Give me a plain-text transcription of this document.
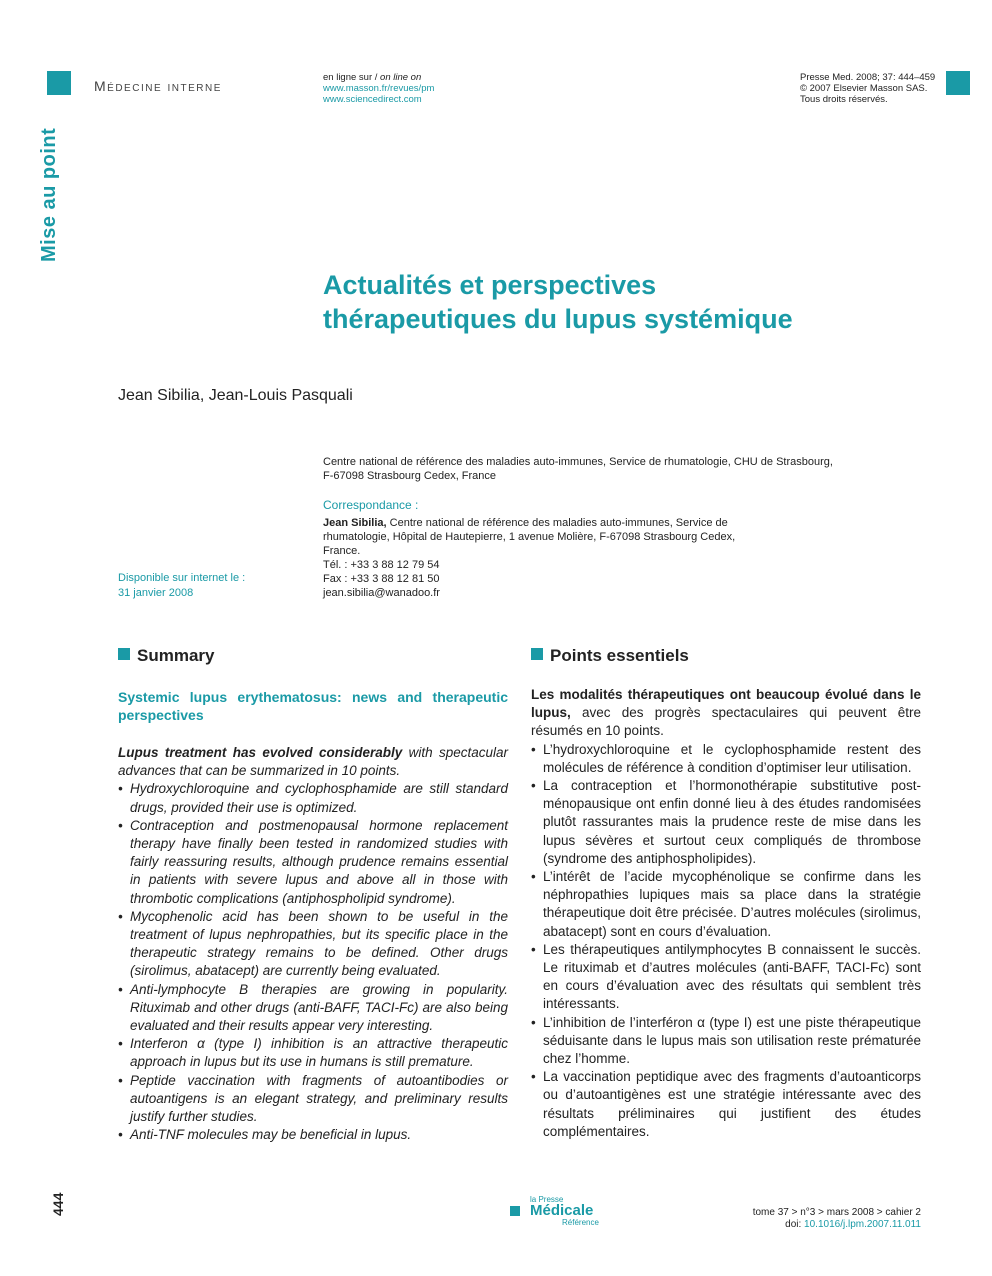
Médecine interne
en ligne sur / on line on
www.masson.fr/revues/pm
www.sciencedirect.com
Presse Med. 2008; 37: 444–459
© 2007 Elsevier Masson SAS.
Tous droits réservés.
Mise au point
Actualités et perspectives
thérapeutiques du lupus systémique
Jean Sibilia, Jean-Louis Pasquali
Centre national de référence des maladies auto-immunes, Service de rhumatologie, CHU de Strasbourg,
F-67098 Strasbourg Cedex, France
Correspondance :
Jean Sibilia, Centre national de référence des maladies auto-immunes, Service de
rhumatologie, Hôpital de Hautepierre, 1 avenue Molière, F-67098 Strasbourg Cedex,
France.
Tél. : +33 3 88 12 79 54
Fax : +33 3 88 12 81 50
jean.sibilia@wanadoo.fr
Disponible sur internet le :
31 janvier 2008
Summary
Systemic lupus erythematosus: news and therapeutic perspectives
Lupus treatment has evolved considerably with spectacular advances that can be summarized in 10 points.
• Hydroxychloroquine and cyclophosphamide are still standard drugs, provided their use is optimized.
• Contraception and postmenopausal hormone replacement therapy have finally been tested in randomized studies with fairly reassuring results, although prudence remains essential in patients with severe lupus and above all in those with thrombotic complications (antiphospholipid syndrome).
• Mycophenolic acid has been shown to be useful in the treatment of lupus nephropathies, but its specific place in the therapeutic strategy remains to be defined. Other drugs (sirolimus, abatacept) are currently being evaluated.
• Anti-lymphocyte B therapies are growing in popularity. Rituximab and other drugs (anti-BAFF, TACI-Fc) are also being evaluated and their results appear very interesting.
• Interferon α (type I) inhibition is an attractive therapeutic approach in lupus but its use in humans is still premature.
• Peptide vaccination with fragments of autoantibodies or autoantigens is an elegant strategy, and preliminary results justify further studies.
• Anti-TNF molecules may be beneficial in lupus.
Points essentiels
Les modalités thérapeutiques ont beaucoup évolué dans le lupus, avec des progrès spectaculaires qui peuvent être résumés en 10 points.
• L’hydroxychloroquine et le cyclophosphamide restent des molécules de référence à condition d’optimiser leur utilisation.
• La contraception et l’hormonothérapie substitutive post-ménopausique ont enfin donné lieu à des études randomisées plutôt rassurantes mais la prudence reste de mise dans les lupus sévères et surtout ceux compliqués de thrombose (syndrome des antiphospholipides).
• L’intérêt de l’acide mycophénolique se confirme dans les néphropathies lupiques mais sa place dans la stratégie thérapeutique doit être précisée. D’autres molécules (sirolimus, abatacept) sont en cours d’évaluation.
• Les thérapeutiques antilymphocytes B connaissent le succès. Le rituximab et d’autres molécules (anti-BAFF, TACI-Fc) sont en cours d’évaluation avec des résultats qui semblent très intéressants.
• L’inhibition de l’interféron α (type I) est une piste thérapeutique séduisante dans le lupus mais son utilisation reste prématurée chez l’homme.
• La vaccination peptidique avec des fragments d’autoanticorps ou d’autoantigènes est une stratégie intéressante avec des résultats préliminaires qui justifient des études complémentaires.
444	la Presse
Médicale
Référence
tome 37 > n°3 > mars 2008 > cahier 2
doi: 10.1016/j.lpm.2007.11.011
